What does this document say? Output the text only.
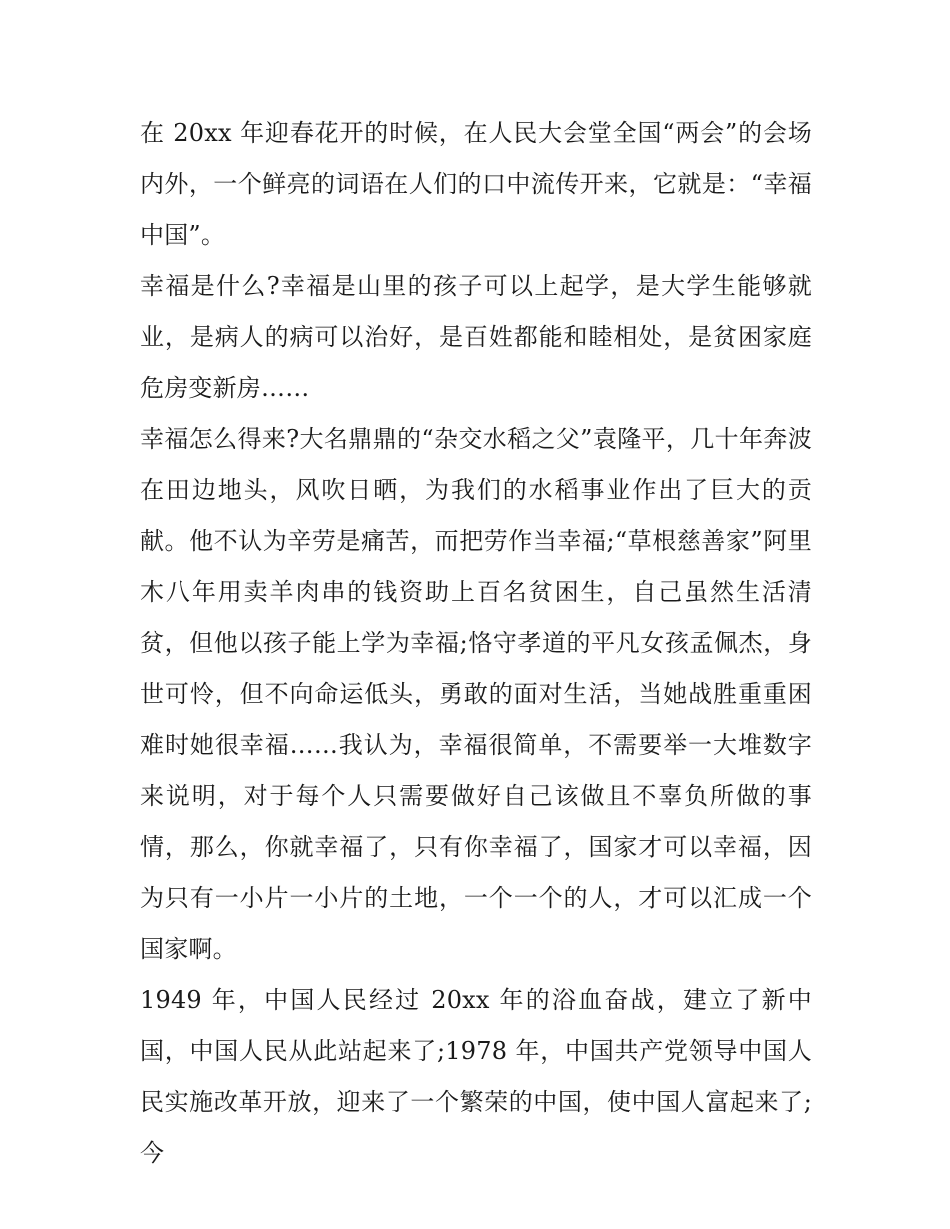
在 20xx 年迎春花开的时候，在人民大会堂全国“两会”的会场内外，一个鲜亮的词语在人们的口中流传开来，它就是：“幸福中国”。

幸福是什么?幸福是山里的孩子可以上起学，是大学生能够就业，是病人的病可以治好，是百姓都能和睦相处，是贫困家庭危房变新房……

幸福怎么得来?大名鼎鼎的“杂交水稻之父”袁隆平，几十年奔波在田边地头，风吹日晒，为我们的水稻事业作出了巨大的贡献。他不认为辛劳是痛苦，而把劳作当幸福;“草根慈善家”阿里木八年用卖羊肉串的钱资助上百名贫困生，自己虽然生活清贫，但他以孩子能上学为幸福;恪守孝道的平凡女孩孟佩杰，身世可怜，但不向命运低头，勇敢的面对生活，当她战胜重重困难时她很幸福……我认为，幸福很简单，不需要举一大堆数字来说明，对于每个人只需要做好自己该做且不辜负所做的事情，那么，你就幸福了，只有你幸福了，国家才可以幸福，因为只有一小片一小片的土地，一个一个的人，才可以汇成一个国家啊。

1949 年，中国人民经过 20xx 年的浴血奋战，建立了新中国，中国人民从此站起来了;1978 年，中国共产党领导中国人民实施改革开放，迎来了一个繁荣的中国，使中国人富起来了;今
